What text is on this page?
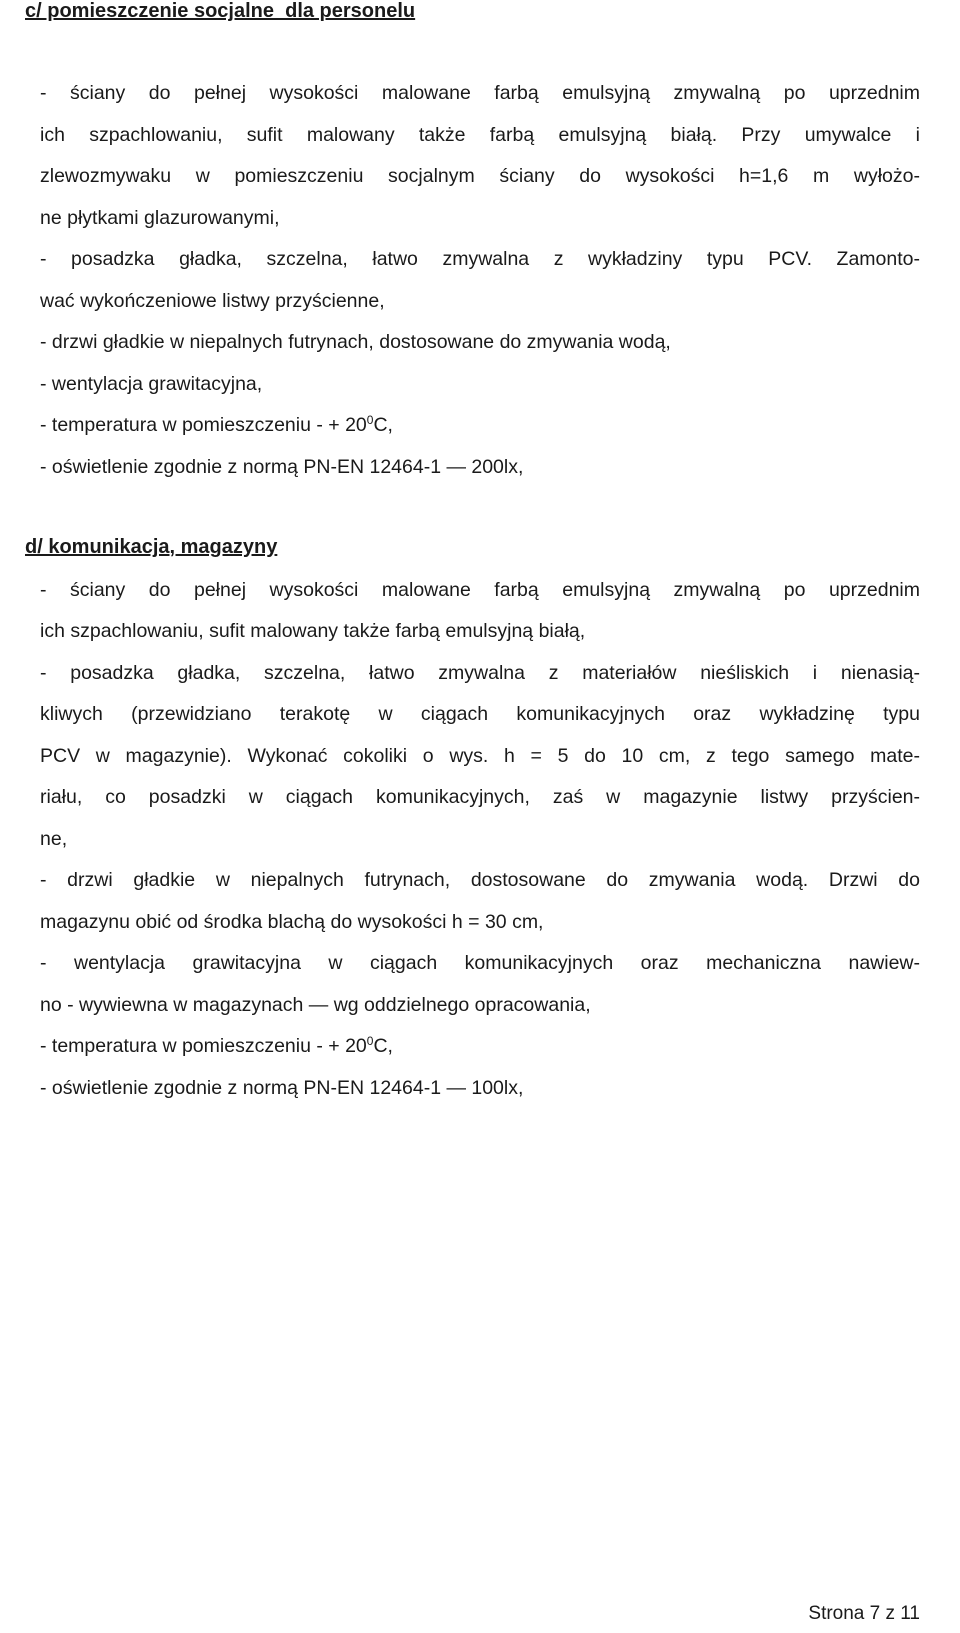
c/ pomieszczenie socjalne  dla personelu
- ściany do pełnej wysokości malowane farbą emulsyjną zmywalną po uprzednim
ich szpachlowaniu, sufit malowany także farbą emulsyjną białą. Przy umywalce i
zlewozmywaku w pomieszczeniu socjalnym ściany do wysokości h=1,6 m wyłożo-
ne płytkami glazurowanymi,
- posadzka gładka, szczelna, łatwo zmywalna z wykładziny typu PCV. Zamonto-
wać wykończeniowe listwy przyścienne,
- drzwi gładkie w niepalnych futrynach, dostosowane do zmywania wodą,
- wentylacja grawitacyjna,
- temperatura w pomieszczeniu - + $20^0C$,
- oświetlenie zgodnie z normą PN-EN 12464-1 — 200lx,
d/ komunikacja, magazyny
- ściany do pełnej wysokości malowane farbą emulsyjną zmywalną po uprzednim
ich szpachlowaniu, sufit malowany także farbą emulsyjną białą,
- posadzka gładka, szczelna, łatwo zmywalna z materiałów nieśliskich i nienasią-
kliwych (przewidziano terakotę w ciągach komunikacyjnych oraz wykładzinę typu
PCV w magazynie). Wykonać cokoliki o wys. h = 5 do 10 cm, z tego samego mate-
riału, co posadzki w ciągach komunikacyjnych, zaś w magazynie listwy przyścien-
ne,
- drzwi gładkie w niepalnych futrynach, dostosowane do zmywania wodą. Drzwi do
magazynu obić od środka blachą do wysokości h = 30 cm,
- wentylacja grawitacyjna w ciągach komunikacyjnych oraz mechaniczna nawiew-
no - wywiewna w magazynach — wg oddzielnego opracowania,
- temperatura w pomieszczeniu - + $20^0C$,
- oświetlenie zgodnie z normą PN-EN 12464-1 — 100lx,
Strona 7 z 11
